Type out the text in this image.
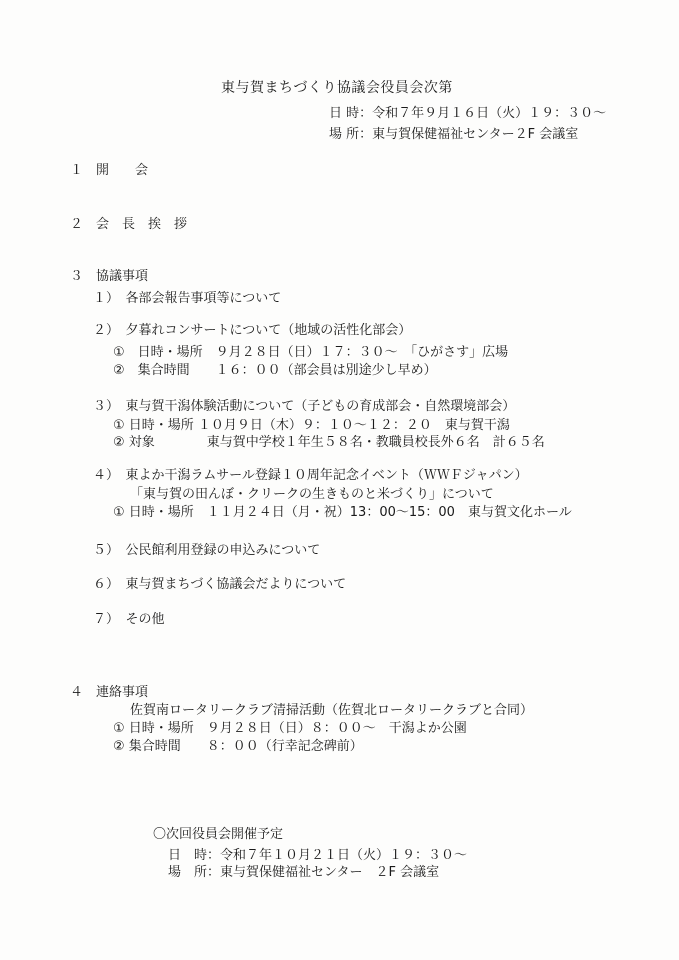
東与賀まちづくり協議会役員会次第
日 時：令和７年９月１６日（火）１９：３０～
場 所：東与賀保健福祉センター２F 会議室
１　開　　会
２　会　長　挨　拶
３　協議事項
１）　各部会報告事項等について
２）　夕暮れコンサートについて（地域の活性化部会）
①　日時・場所　９月２８日（日）１７：３０～　「ひがさす」広場
②　集合時間　　１６：００（部会員は別途少し早め）
３）　東与賀干潟体験活動について（子どもの育成部会・自然環境部会）
① 日時・場所 １０月９日（木）９：１０～１２：２０　東与賀干潟
② 対象　　　　東与賀中学校１年生５８名・教職員校長外６名　計６５名
４）　東よか干潟ラムサール登録１０周年記念イベント（ＷＷＦジャパン）
「東与賀の田んぼ・クリークの生きものと米づくり」について
① 日時・場所　１１月２４日（月・祝）13：00～15：00　東与賀文化ホール
５）　公民館利用登録の申込みについて
６）　東与賀まちづく協議会だよりについて
７）　その他
４　連絡事項
佐賀南ロータリークラブ清掃活動（佐賀北ロータリークラブと合同）
① 日時・場所　９月２８日（日）８：００～　干潟よか公園
② 集合時間　　８：００（行幸記念碑前）
〇次回役員会開催予定
日　時：令和７年１０月２１日（火）１９：３０～
場　所：東与賀保健福祉センター　２F 会議室
